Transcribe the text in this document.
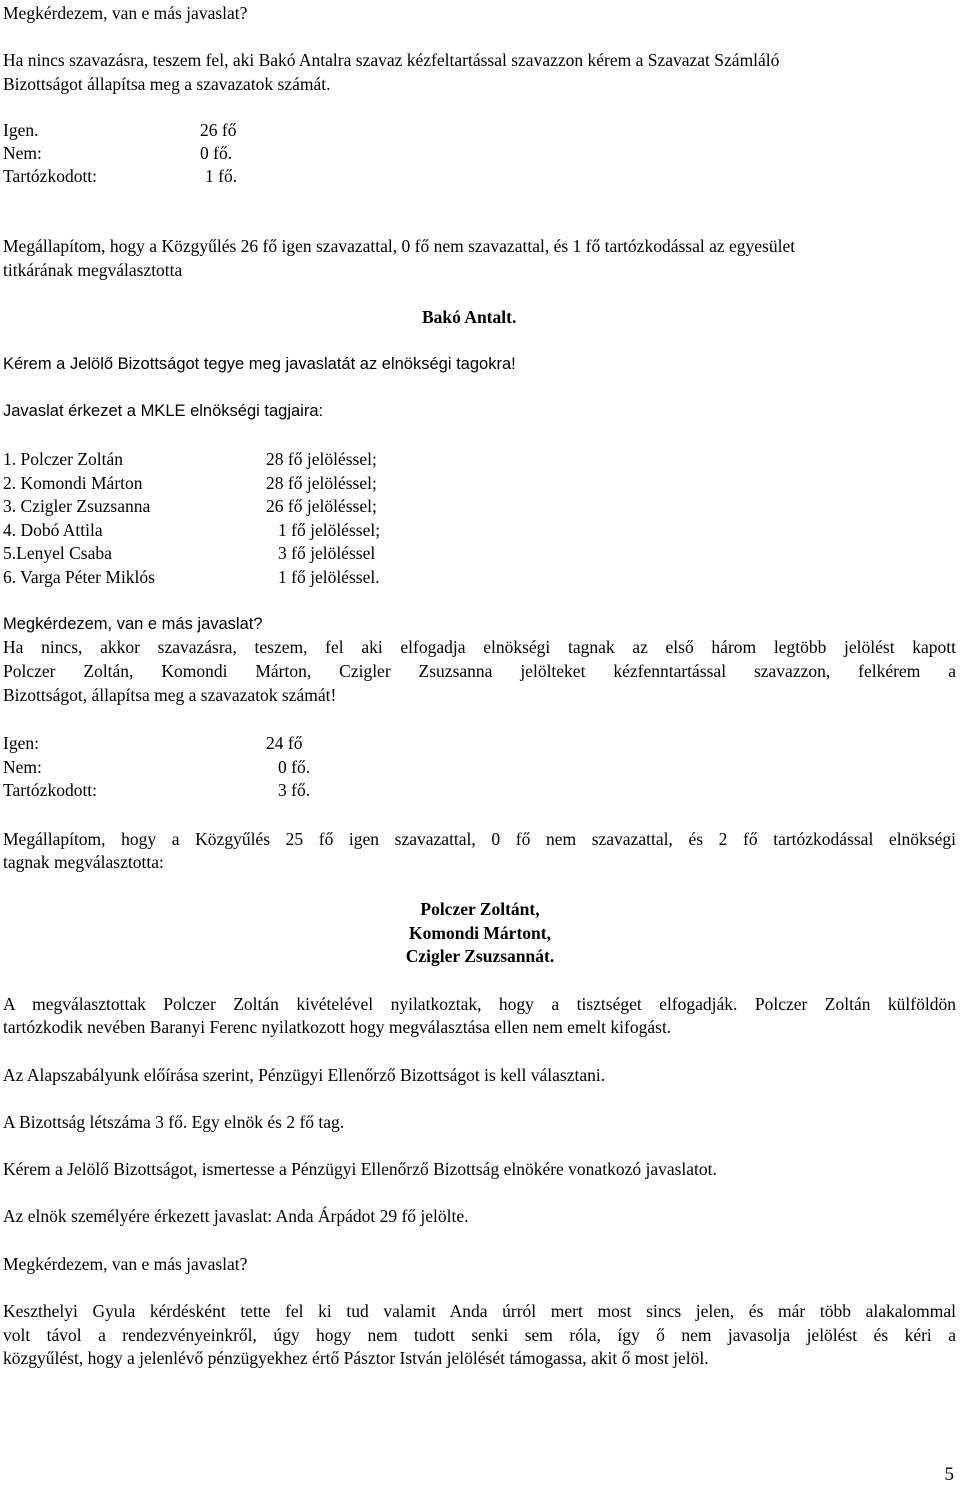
Megkérdezem, van e más javaslat?
Ha nincs szavazásra, teszem fel, aki Bakó Antalra szavaz kézfeltartással szavazzon kérem a Szavazat Számláló
Bizottságot állapítsa meg a szavazatok számát.
Igen.	26 fő
Nem:	0 fő.
Tartózkodott:	1 fő.
Megállapítom, hogy a Közgyűlés 26 fő igen szavazattal, 0 fő nem szavazattal, és 1 fő tartózkodással az egyesület
titkárának megválasztotta
Bakó Antalt.
Kérem a Jelölő Bizottságot tegye meg javaslatát az elnökségi tagokra!
Javaslat érkezet a MKLE elnökségi tagjaira:
1. Polczer Zoltán	28 fő jelöléssel;
2. Komondi Márton	28 fő jelöléssel;
3. Czigler Zsuzsanna	26 fő jelöléssel;
4. Dobó Attila	1 fő jelöléssel;
5.Lenyel Csaba	3 fő jelöléssel
6. Varga Péter Miklós	1 fő jelöléssel.
Megkérdezem, van e más javaslat?
Ha nincs, akkor szavazásra, teszem, fel aki elfogadja elnökségi tagnak az első három legtöbb jelölést kapott
Polczer Zoltán, Komondi Márton, Czigler Zsuzsanna jelölteket kézfenntartással szavazzon, felkérem a
Bizottságot, állapítsa meg a szavazatok számát!
Igen:	24 fő
Nem:	0 fő.
Tartózkodott:	3 fő.
Megállapítom, hogy a Közgyűlés 25 fő igen szavazattal, 0 fő nem szavazattal, és 2 fő tartózkodással elnökségi
tagnak megválasztotta:
Polczer Zoltánt,
Komondi Mártont,
Czigler Zsuzsannát.
A megválasztottak Polczer Zoltán kivételével nyilatkoztak, hogy a tisztséget elfogadják. Polczer Zoltán külföldön
tartózkodik nevében Baranyi Ferenc nyilatkozott hogy megválasztása ellen nem emelt kifogást.
Az Alapszabályunk előírása szerint, Pénzügyi Ellenőrző Bizottságot is kell választani.
A Bizottság létszáma 3 fő. Egy elnök és 2 fő tag.
Kérem a Jelölő Bizottságot, ismertesse a Pénzügyi Ellenőrző Bizottság elnökére vonatkozó javaslatot.
Az elnök személyére érkezett javaslat: Anda Árpádot 29 fő jelölte.
Megkérdezem, van e más javaslat?
Keszthelyi Gyula kérdésként tette fel ki tud valamit Anda úrról mert most sincs jelen, és már több alakalommal
volt távol a rendezvényeinkről, úgy hogy nem tudott senki sem róla, így ő nem javasolja jelölést és kéri a
közgyűlést, hogy a jelenlévő pénzügyekhez értő Pásztor István jelölését támogassa, akit ő most jelöl.
5
